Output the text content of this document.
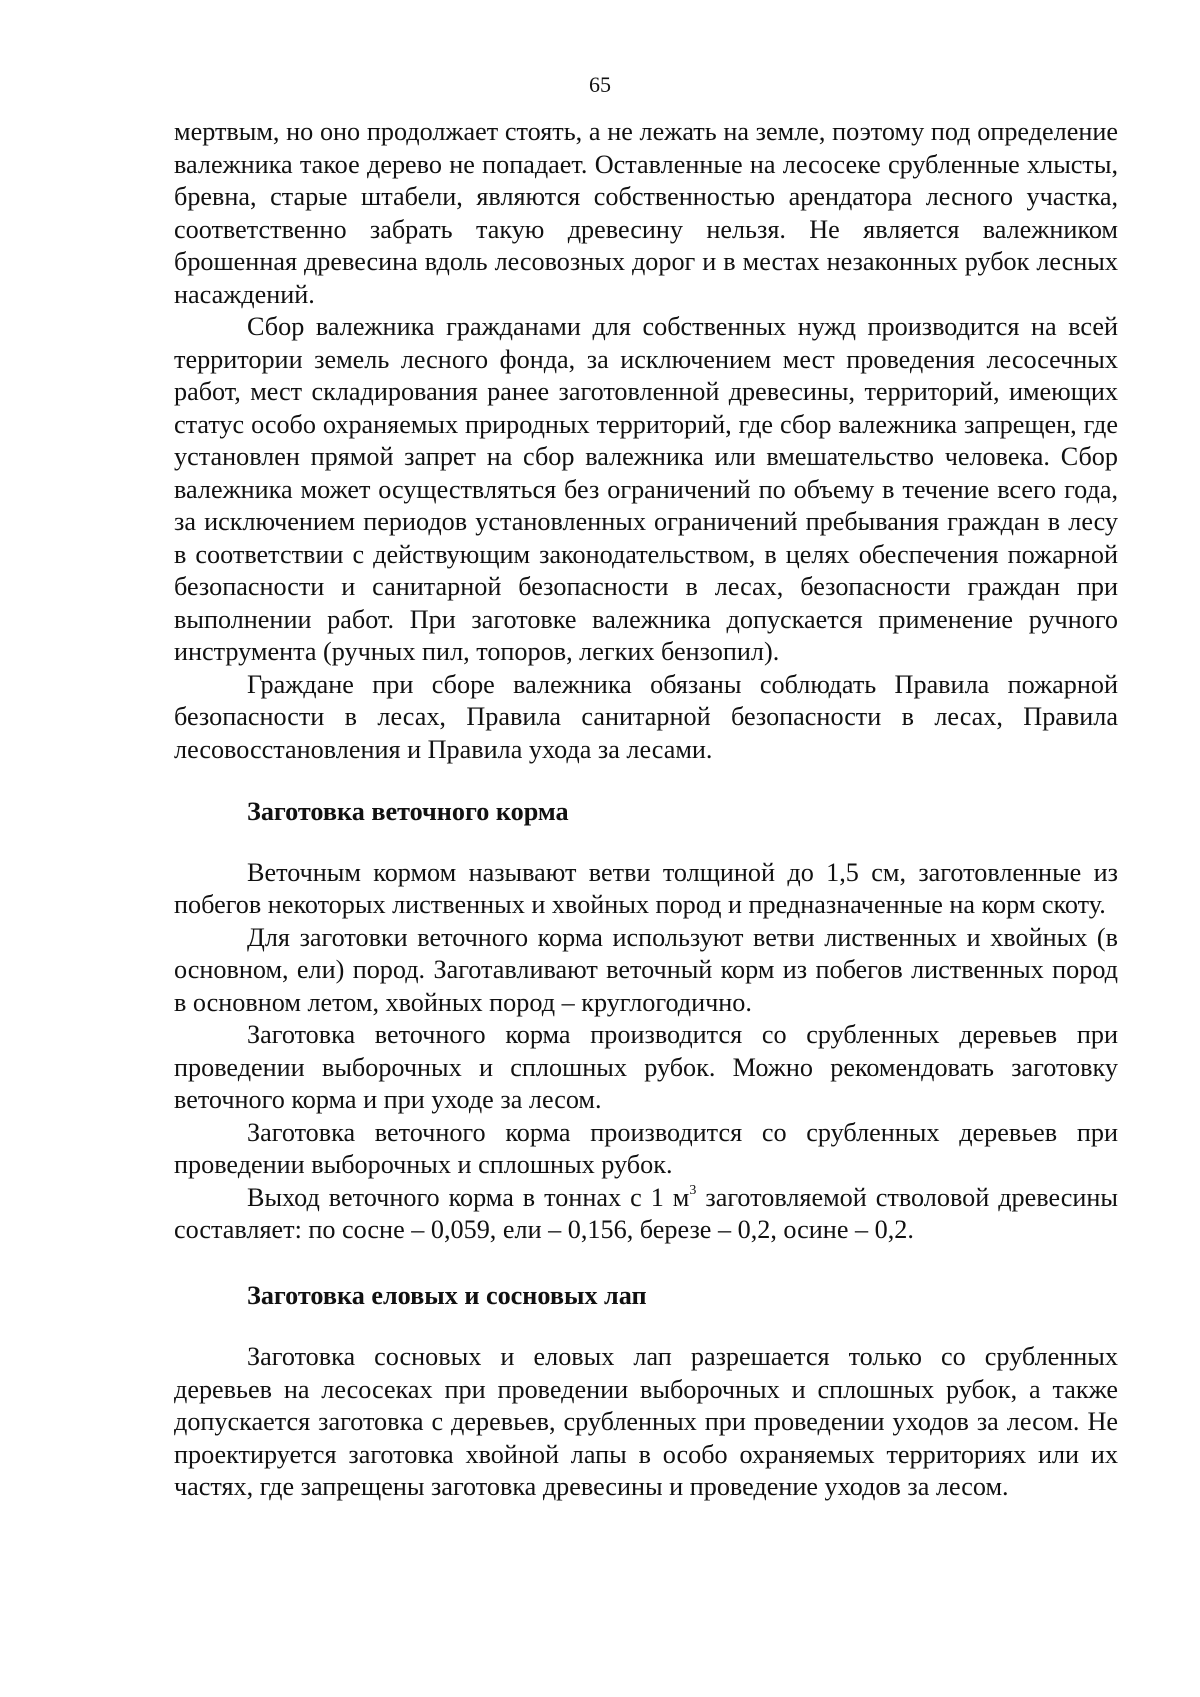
65

мертвым, но оно продолжает стоять, а не лежать на земле, поэтому под определение валежника такое дерево не попадает. Оставленные на лесосеке срубленные хлысты, бревна, старые штабели, являются собственностью арендатора лесного участка, соответственно забрать такую древесину нельзя. Не является валежником брошенная древесина вдоль лесовозных дорог и в местах незаконных рубок лесных насаждений.

Сбор валежника гражданами для собственных нужд производится на всей территории земель лесного фонда, за исключением мест проведения лесосечных работ, мест складирования ранее заготовленной древесины, территорий, имеющих статус особо охраняемых природных территорий, где сбор валежника запрещен, где установлен прямой запрет на сбор валежника или вмешательство человека. Сбор валежника может осуществляться без ограничений по объему в течение всего года, за исключением периодов установленных ограничений пребывания граждан в лесу в соответствии с действующим законодательством, в целях обеспечения пожарной безопасности и санитарной безопасности в лесах, безопасности граждан при выполнении работ. При заготовке валежника допускается применение ручного инструмента (ручных пил, топоров, легких бензопил).

Граждане при сборе валежника обязаны соблюдать Правила пожарной безопасности в лесах, Правила санитарной безопасности в лесах, Правила лесовосстановления и Правила ухода за лесами.

Заготовка веточного корма

Веточным кормом называют ветви толщиной до 1,5 см, заготовленные из побегов некоторых лиственных и хвойных пород и предназначенные на корм скоту.

Для заготовки веточного корма используют ветви лиственных и хвойных (в основном, ели) пород. Заготавливают веточный корм из побегов лиственных пород в основном летом, хвойных пород – круглогодично.

Заготовка веточного корма производится со срубленных деревьев при проведении выборочных и сплошных рубок. Можно рекомендовать заготовку веточного корма и при уходе за лесом.

Заготовка веточного корма производится со срубленных деревьев при проведении выборочных и сплошных рубок.

Выход веточного корма в тоннах с 1 $м^3$ заготовляемой стволовой древесины составляет: по сосне – 0,059, ели – 0,156, березе – 0,2, осине – 0,2.

Заготовка еловых и сосновых лап

Заготовка сосновых и еловых лап разрешается только со срубленных деревьев на лесосеках при проведении выборочных и сплошных рубок, а также допускается заготовка с деревьев, срубленных при проведении уходов за лесом. Не проектируется заготовка хвойной лапы в особо охраняемых территориях или их частях, где запрещены заготовка древесины и проведение уходов за лесом.
